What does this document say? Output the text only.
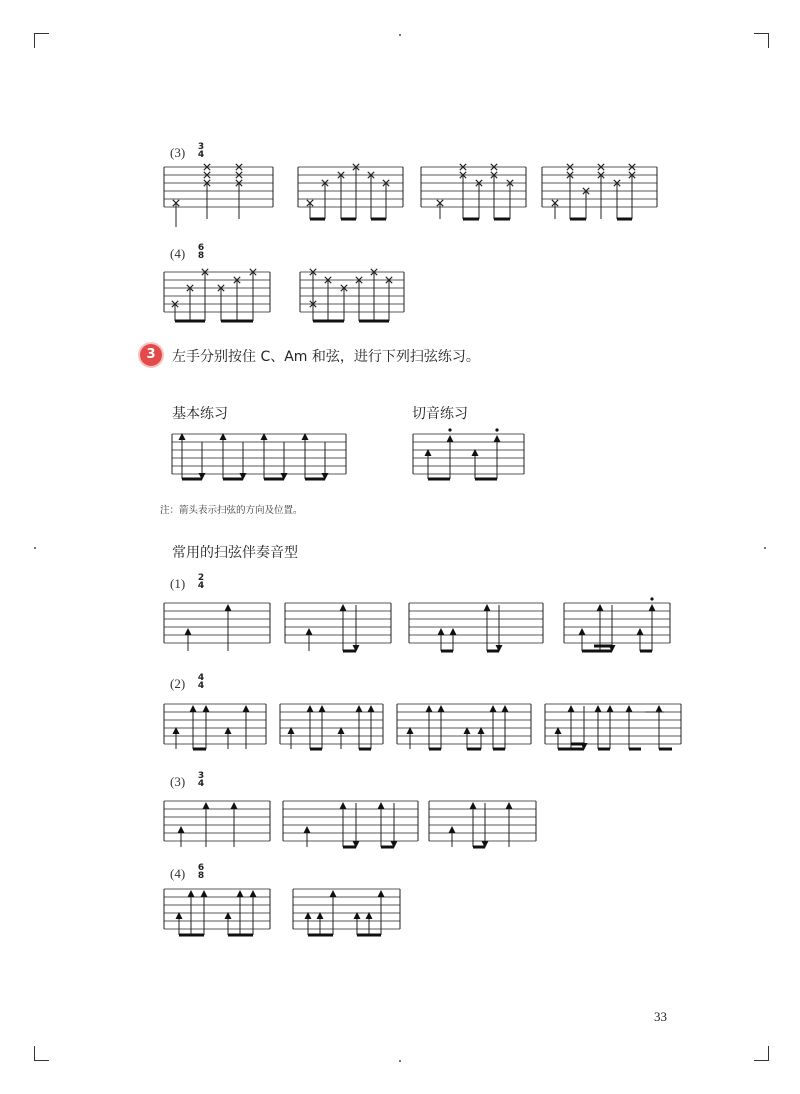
(3) 3
4
(4) 6
8
3	左手分别按住 C、Am 和弦，进行下列扫弦练习。
基本练习	切音练习
注：箭头表示扫弦的方向及位置。
常用的扫弦伴奏音型
(1) 2
4
(2) 4
4
(3) 3
4
(4) 6
8
33
